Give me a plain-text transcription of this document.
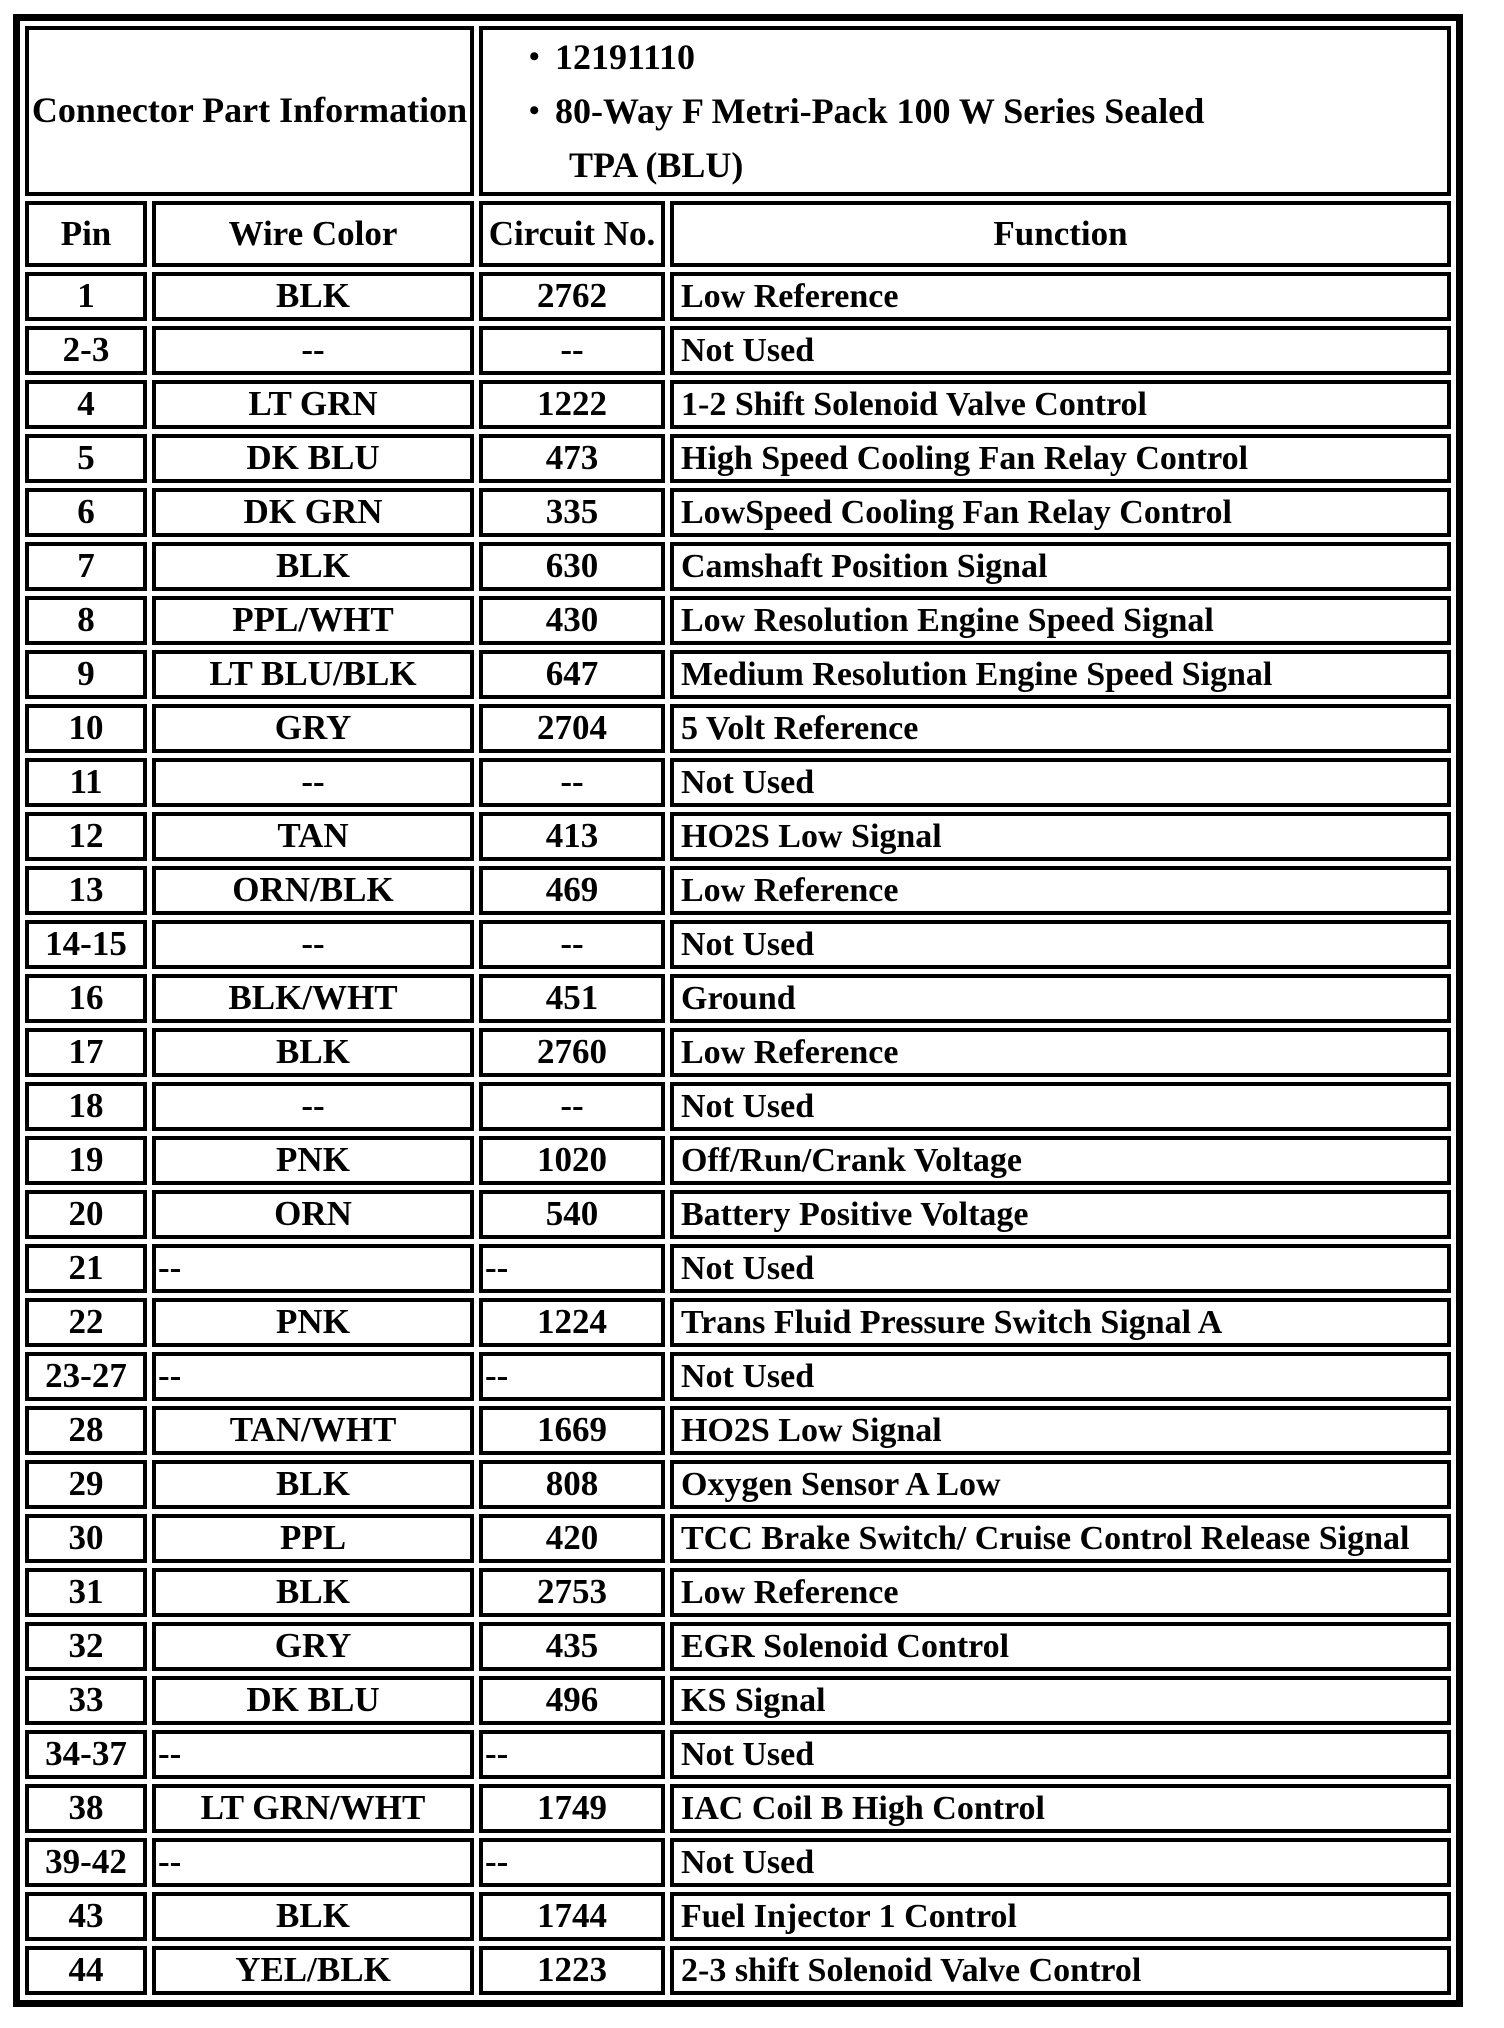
Connector Part Information		• 12191110
• 80-Way F Metri-Pack 100 W Series Sealed
TPA (BLU)	

Pin	Wire Color	Circuit No.	Function
1	BLK	2762	Low Reference
2-3	--	--	Not Used
4	LT GRN	1222	1-2 Shift Solenoid Valve Control
5	DK BLU	473	High Speed Cooling Fan Relay Control
6	DK GRN	335	LowSpeed Cooling Fan Relay Control
7	BLK	630	Camshaft Position Signal
8	PPL/WHT	430	Low Resolution Engine Speed Signal
9	LT BLU/BLK	647	Medium Resolution Engine Speed Signal
10	GRY	2704	5 Volt Reference
11	--	--	Not Used
12	TAN	413	HO2S Low Signal
13	ORN/BLK	469	Low Reference
14-15	--	--	Not Used
16	BLK/WHT	451	Ground
17	BLK	2760	Low Reference
18	--	--	Not Used
19	PNK	1020	Off/Run/Crank Voltage
20	ORN	540	Battery Positive Voltage
21	--	--	Not Used
22	PNK	1224	Trans Fluid Pressure Switch Signal A
23-27	--	--	Not Used
28	TAN/WHT	1669	HO2S Low Signal
29	BLK	808	Oxygen Sensor A Low
30	PPL	420	TCC Brake Switch/ Cruise Control Release Signal
31	BLK	2753	Low Reference
32	GRY	435	EGR Solenoid Control
33	DK BLU	496	KS Signal
34-37	--	--	Not Used
38	LT GRN/WHT	1749	IAC Coil B High Control
39-42	--	--	Not Used
43	BLK	1744	Fuel Injector 1 Control
44	YEL/BLK	1223	2-3 shift Solenoid Valve Control
